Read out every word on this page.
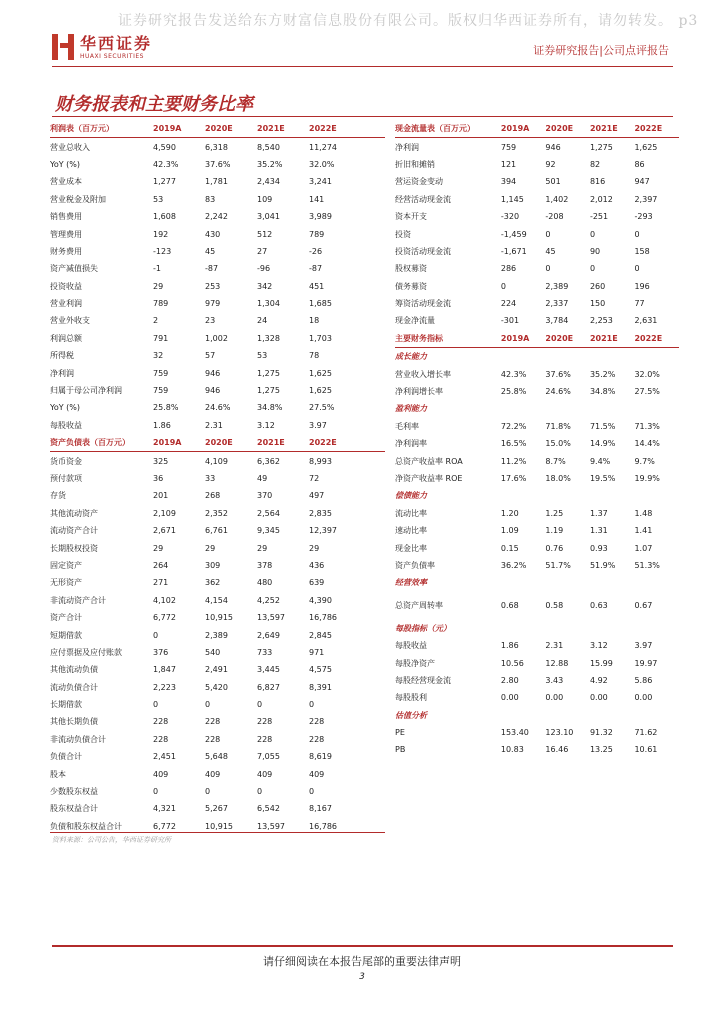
证券研究报告发送给东方财富信息股份有限公司。版权归华西证券所有，请勿转发。 p3
华西证券
HUAXI SECURITIES	证券研究报告|公司点评报告
财务报表和主要财务比率
利润表（百万元）	2019A	2020E	2021E	2022E
营业总收入	4,590	6,318	8,540	11,274
YoY (%)	42.3%	37.6%	35.2%	32.0%
营业成本	1,277	1,781	2,434	3,241
营业税金及附加	53	83	109	141
销售费用	1,608	2,242	3,041	3,989
管理费用	192	430	512	789
财务费用	-123	45	27	-26
资产减值损失	-1	-87	-96	-87
投资收益	29	253	342	451
营业利润	789	979	1,304	1,685
营业外收支	2	23	24	18
利润总额	791	1,002	1,328	1,703
所得税	32	57	53	78
净利润	759	946	1,275	1,625
归属于母公司净利润	759	946	1,275	1,625
YoY (%)	25.8%	24.6%	34.8%	27.5%
每股收益	1.86	2.31	3.12	3.97
资产负债表（百万元）	2019A	2020E	2021E	2022E
货币资金	325	4,109	6,362	8,993
预付款项	36	33	49	72
存货	201	268	370	497
其他流动资产	2,109	2,352	2,564	2,835
流动资产合计	2,671	6,761	9,345	12,397
长期股权投资	29	29	29	29
固定资产	264	309	378	436
无形资产	271	362	480	639
非流动资产合计	4,102	4,154	4,252	4,390
资产合计	6,772	10,915	13,597	16,786
短期借款	0	2,389	2,649	2,845
应付票据及应付账款	376	540	733	971
其他流动负债	1,847	2,491	3,445	4,575
流动负债合计	2,223	5,420	6,827	8,391
长期借款	0	0	0	0
其他长期负债	228	228	228	228
非流动负债合计	228	228	228	228
负债合计	2,451	5,648	7,055	8,619
股本	409	409	409	409
少数股东权益	0	0	0	0
股东权益合计	4,321	5,267	6,542	8,167
负债和股东权益合计	6,772	10,915	13,597	16,786
现金流量表（百万元）	2019A	2020E	2021E	2022E
净利润	759	946	1,275	1,625
折旧和摊销	121	92	82	86
营运资金变动	394	501	816	947
经营活动现金流	1,145	1,402	2,012	2,397
资本开支	-320	-208	-251	-293
投资	-1,459	0	0	0
投资活动现金流	-1,671	45	90	158
股权募资	286	0	0	0
债务募资	0	2,389	260	196
筹资活动现金流	224	2,337	150	77
现金净流量	-301	3,784	2,253	2,631
主要财务指标	2019A	2020E	2021E	2022E
成长能力
营业收入增长率	42.3%	37.6%	35.2%	32.0%
净利润增长率	25.8%	24.6%	34.8%	27.5%
盈利能力
毛利率	72.2%	71.8%	71.5%	71.3%
净利润率	16.5%	15.0%	14.9%	14.4%
总资产收益率 ROA	11.2%	8.7%	9.4%	9.7%
净资产收益率 ROE	17.6%	18.0%	19.5%	19.9%
偿债能力
流动比率	1.20	1.25	1.37	1.48
速动比率	1.09	1.19	1.31	1.41
现金比率	0.15	0.76	0.93	1.07
资产负债率	36.2%	51.7%	51.9%	51.3%
经营效率
总资产周转率	0.68	0.58	0.63	0.67
每股指标（元）
每股收益	1.86	2.31	3.12	3.97
每股净资产	10.56	12.88	15.99	19.97
每股经营现金流	2.80	3.43	4.92	5.86
每股股利	0.00	0.00	0.00	0.00
估值分析
PE	153.40	123.10	91.32	71.62
PB	10.83	16.46	13.25	10.61
资料来源：公司公告，华西证券研究所
请仔细阅读在本报告尾部的重要法律声明
3
